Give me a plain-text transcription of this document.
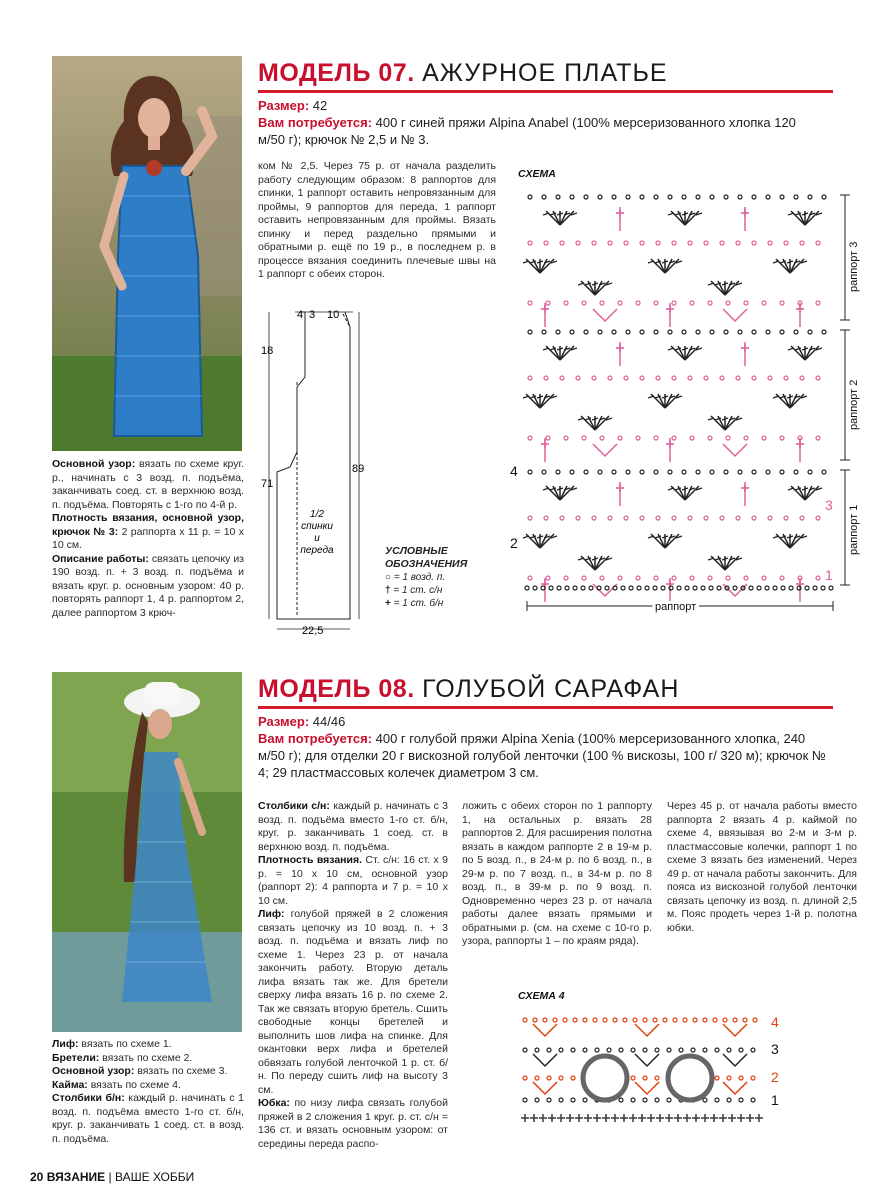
МОДЕЛЬ 07. АЖУРНОЕ ПЛАТЬЕ
Размер: 42
Вам потребуется: 400 г синей пряжи Alpina Anabel (100% мерсеризованного хлопка 120 м/50 г); крючок № 2,5 и № 3.
ком № 2,5. Через 75 р. от начала разделить работу следующим образом: 8 раппортов для спинки, 1 раппорт оставить непровязанным для проймы, 9 раппортов для переда, 1 раппорт оставить непровязанным для проймы. Вязать спинку и перед раздельно прямыми и обратными р. ещё по 19 р., в последнем р. в процессе вязания соединить плечевые швы на 1 раппорт с обеих сторон.
Основной узор: вязать по схеме круг. р., начинать с 3 возд. п. подъёма, заканчивать соед. ст. в верхнюю возд. п. подъёма. Повторять с 1-го по 4-й р.
Плотность вязания, основной узор, крючок № 3: 2 раппорта х 11 р. = 10 х 10 см.
Описание работы: связать цепочку из 190 возд. п. + 3 возд. п. подъёма и вязать круг. р. основным узором: 40 р. повторять раппорт 1, 4 р. раппортом 2, далее раппортом 3 крюч-
4 3 10
18
71
89
22,5
1/2
спинки
и
переда	УСЛОВНЫЕ
ОБОЗНАЧЕНИЯ
○ = 1 возд. п.
† = 1 ст. с/н
+ = 1 ст. б/н
СХЕМА
раппорт 3
раппорт 2
раппорт 1
раппорт
4
3
2
1
МОДЕЛЬ 08. ГОЛУБОЙ САРАФАН
Размер: 44/46
Вам потребуется: 400 г голубой пряжи Alpina Xenia (100% мерсеризованного хлопка, 240 м/50 г); для отделки 20 г вискозной голубой ленточки (100 % вискозы, 100 г/ 320 м); крючок № 4; 29 пластмассовых колечек диаметром 3 см.
Столбики с/н: каждый р. начинать с 3 возд. п. подъёма вместо 1-го ст. б/н, круг. р. заканчивать 1 соед. ст. в верхнюю возд. п. подъёма.
Плотность вязания. Ст. с/н: 16 ст. х 9 р. = 10 х 10 см, основной узор (раппорт 2): 4 раппорта и 7 р. = 10 х 10 см.
Лиф: голубой пряжей в 2 сложения связать цепочку из 10 возд. п. + 3 возд. п. подъёма и вязать лиф по схеме 1. Через 23 р. от начала закончить работу. Вторую деталь лифа вязать так же. Для бретели сверху лифа вязать 16 р. по схеме 2. Так же связать вторую бретель. Сшить свободные концы бретелей и выполнить шов лифа на спинке. Для окантовки верх лифа и бретелей обвязать голубой ленточкой 1 р. ст. б/н. По переду сшить лиф на высоту 3 см.
Юбка: по низу лифа связать голубой пряжей в 2 сложения 1 круг. р. ст. с/н = 136 ст. и вязать основным узором: от середины переда распо-
ложить с обеих сторон по 1 раппорту 1, на остальных р. вязать 28 раппортов 2. Для расширения полотна вязать в каждом раппорте 2 в 19-м р. по 5 возд. п., в 24-м р. по 6 возд. п., в 29-м р. по 7 возд. п., в 34-м р. по 8 возд. п., в 39-м р. по 9 возд. п. Одновременно через 23 р. от начала работы далее вязать прямыми и обратными р. (см. на схеме с 10-го р. узора, раппорты 1 – по краям ряда).
Через 45 р. от начала работы вместо раппорта 2 вязать 4 р. каймой по схеме 4, ввязывая во 2-м и 3-м р. пластмассовые колечки, раппорт 1 по схеме 3 вязать без изменений. Через 49 р. от начала работы закончить. Для пояса из вискозной голубой ленточки связать цепочку из возд. п. длиной 2,5 м. Пояс продеть через 1-й р. полотна юбки.
Лиф: вязать по схеме 1.
Бретели: вязать по схеме 2.
Основной узор: вязать по схеме 3.
Кайма: вязать по схеме 4.
Столбики б/н: каждый р. начинать с 1 возд. п. подъёма вместо 1-го ст. б/н, круг. р. заканчивать 1 соед. ст. в возд. п. подъёма.
СХЕМА 4
4
3
2
1
20 ВЯЗАНИЕ | ВАШЕ ХОББИ
